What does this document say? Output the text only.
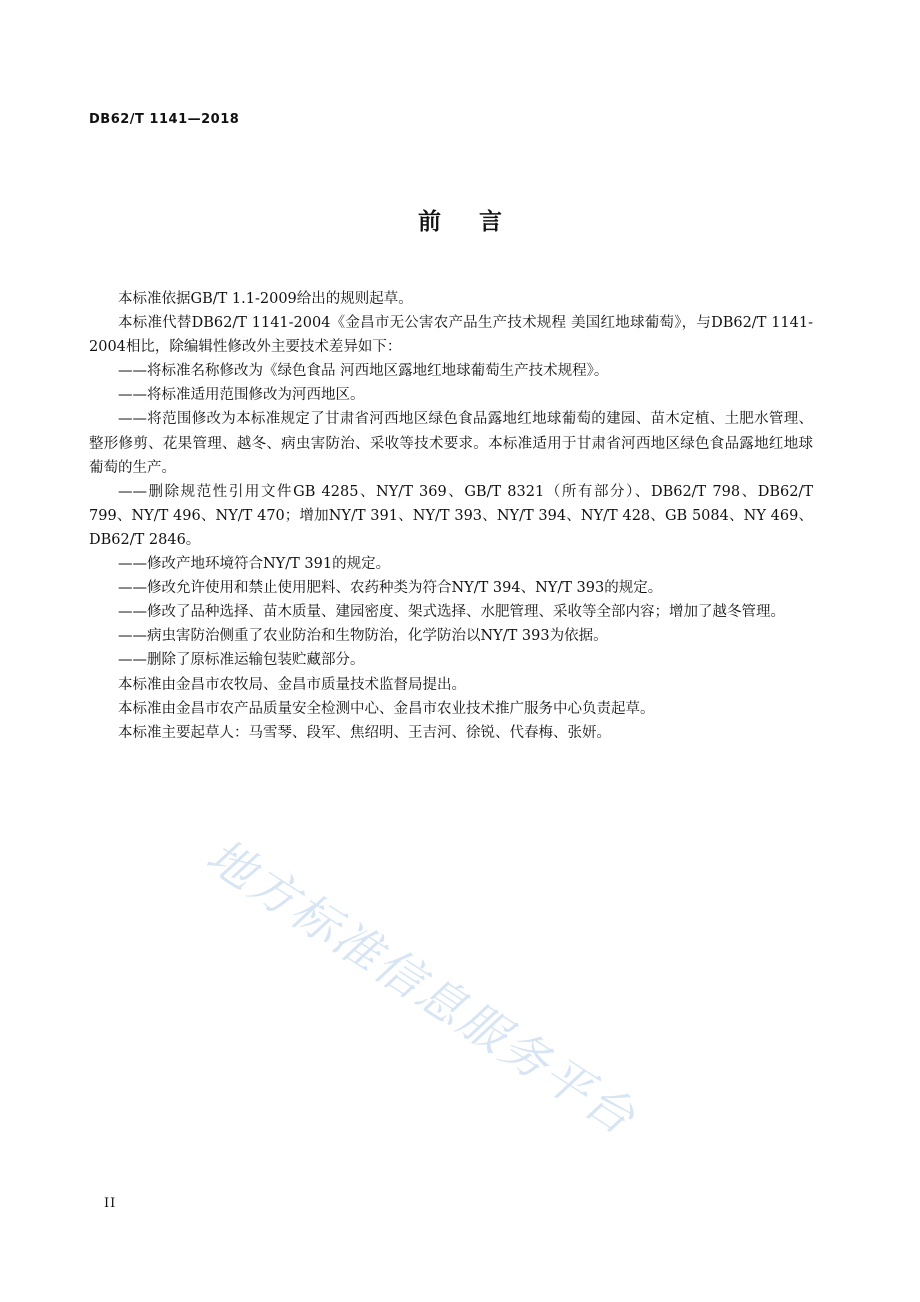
DB62/T 1141—2018
前言

本标准依据GB/T 1.1-2009给出的规则起草。

本标准代替DB62/T 1141-2004《金昌市无公害农产品生产技术规程 美国红地球葡萄》，与DB62/T 1141-2004相比，除编辑性修改外主要技术差异如下：

——将标准名称修改为《绿色食品 河西地区露地红地球葡萄生产技术规程》。

——将标准适用范围修改为河西地区。

——将范围修改为本标准规定了甘肃省河西地区绿色食品露地红地球葡萄的建园、苗木定植、土肥水管理、整形修剪、花果管理、越冬、病虫害防治、采收等技术要求。本标准适用于甘肃省河西地区绿色食品露地红地球葡萄的生产。

——删除规范性引用文件GB 4285、NY/T 369、GB/T 8321（所有部分）、DB62/T 798、DB62/T 799、NY/T 496、NY/T 470；增加NY/T 391、NY/T 393、NY/T 394、NY/T 428、GB 5084、NY 469、DB62/T 2846。

——修改产地环境符合NY/T 391的规定。

——修改允许使用和禁止使用肥料、农药种类为符合NY/T 394、NY/T 393的规定。

——修改了品种选择、苗木质量、建园密度、架式选择、水肥管理、采收等全部内容；增加了越冬管理。

——病虫害防治侧重了农业防治和生物防治，化学防治以NY/T 393为依据。

——删除了原标准运输包装贮藏部分。

本标准由金昌市农牧局、金昌市质量技术监督局提出。

本标准由金昌市农产品质量安全检测中心、金昌市农业技术推广服务中心负责起草。

本标准主要起草人：马雪琴、段军、焦绍明、王吉河、徐锐、代春梅、张妍。

地方标准信息服务平台
II
